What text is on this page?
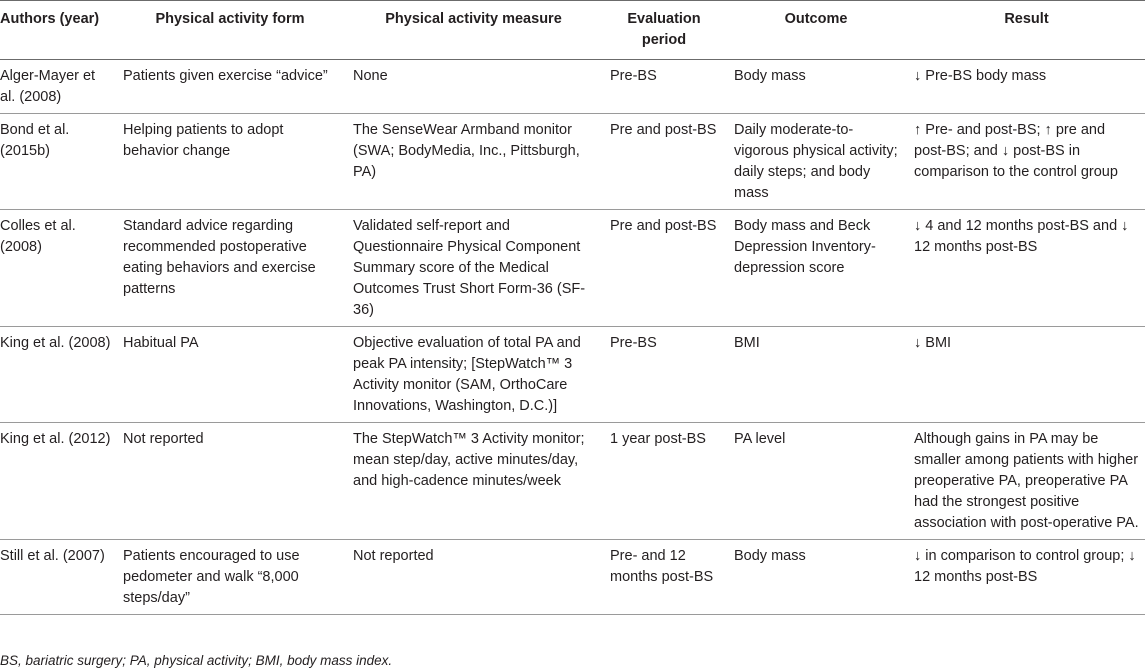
Authors (year)	Physical activity form	Physical activity measure	Evaluation period	Outcome	Result
Alger-Mayer et al. (2008)	Patients given exercise “advice”	None	Pre-BS	Body mass	↓ Pre-BS body mass
Bond et al. (2015b)	Helping patients to adopt behavior change	The SenseWear Armband monitor (SWA; BodyMedia, Inc., Pittsburgh, PA)	Pre and post-BS	Daily moderate-to-vigorous physical activity; daily steps; and body mass	↑ Pre- and post-BS; ↑ pre and post-BS; and ↓ post-BS in comparison to the control group
Colles et al. (2008)	Standard advice regarding recommended postoperative eating behaviors and exercise patterns	Validated self-report and Questionnaire Physical Component Summary score of the Medical Outcomes Trust Short Form-36 (SF-36)	Pre and post-BS	Body mass and Beck Depression Inventory-depression score	↓ 4 and 12 months post-BS and ↓ 12 months post-BS
King et al. (2008)	Habitual PA	Objective evaluation of total PA and peak PA intensity; [StepWatch™ 3 Activity monitor (SAM, OrthoCare Innovations, Washington, D.C.)]	Pre-BS	BMI	↓ BMI
King et al. (2012)	Not reported	The StepWatch™ 3 Activity monitor; mean step/day, active minutes/day, and high-cadence minutes/week	1 year post-BS	PA level	Although gains in PA may be smaller among patients with higher preoperative PA, preoperative PA had the strongest positive association with post-operative PA.
Still et al. (2007)	Patients encouraged to use pedometer and walk “8,000 steps/day”	Not reported	Pre- and 12 months post-BS	Body mass	↓ in comparison to control group; ↓ 12 months post-BS
BS, bariatric surgery; PA, physical activity; BMI, body mass index.
